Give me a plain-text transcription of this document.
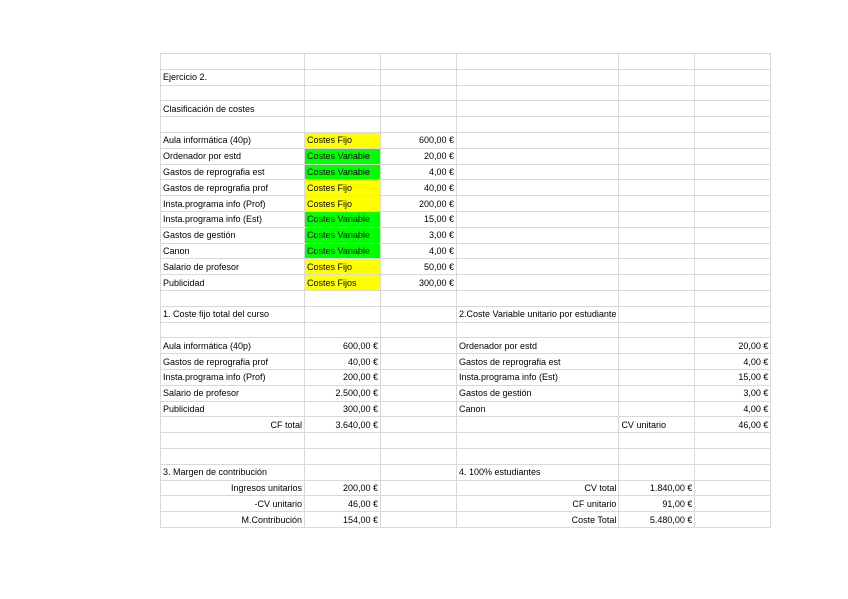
Ejercicio 2.					

Clasificación de costes					

Aula informática (40p)	Costes Fijo	600,00 €			
Ordenador por estd	Costes Variable	20,00 €			
Gastos de reprografia est	Costes Variable	4,00 €			
Gastos de reprografia prof	Costes Fijo	40,00 €			
Insta.programa info (Prof)	Costes Fijo	200,00 €			
Insta.programa info (Est)	Costes Variable	15,00 €			
Gastos de gestión	Costes Variable	3,00 €			
Canon	Costes Variable	4,00 €			
Salario de profesor	Costes Fijo	50,00 €			
Publicidad	Costes Fijos	300,00 €			

1. Coste fijo total del curso			2.Coste Variable unitario por estudiante		

Aula informática (40p)	600,00 €		Ordenador por estd		20,00 €
Gastos de reprografia prof	40,00 €		Gastos de reprografia est		4,00 €
Insta.programa info (Prof)	200,00 €		Insta.programa info (Est)		15,00 €
Salario de profesor	2.500,00 €		Gastos de gestión		3,00 €
Publicidad	300,00 €		Canon		4,00 €
CF total	3.640,00 €			CV unitario	46,00 €

3. Margen de contribución			4. 100% estudiantes		
Ingresos unitarios	200,00 €		CV total	1.840,00 €	
-CV unitario	46,00 €		CF unitario	91,00 €	
M.Contribución	154,00 €		Coste Total	5.480,00 €	
